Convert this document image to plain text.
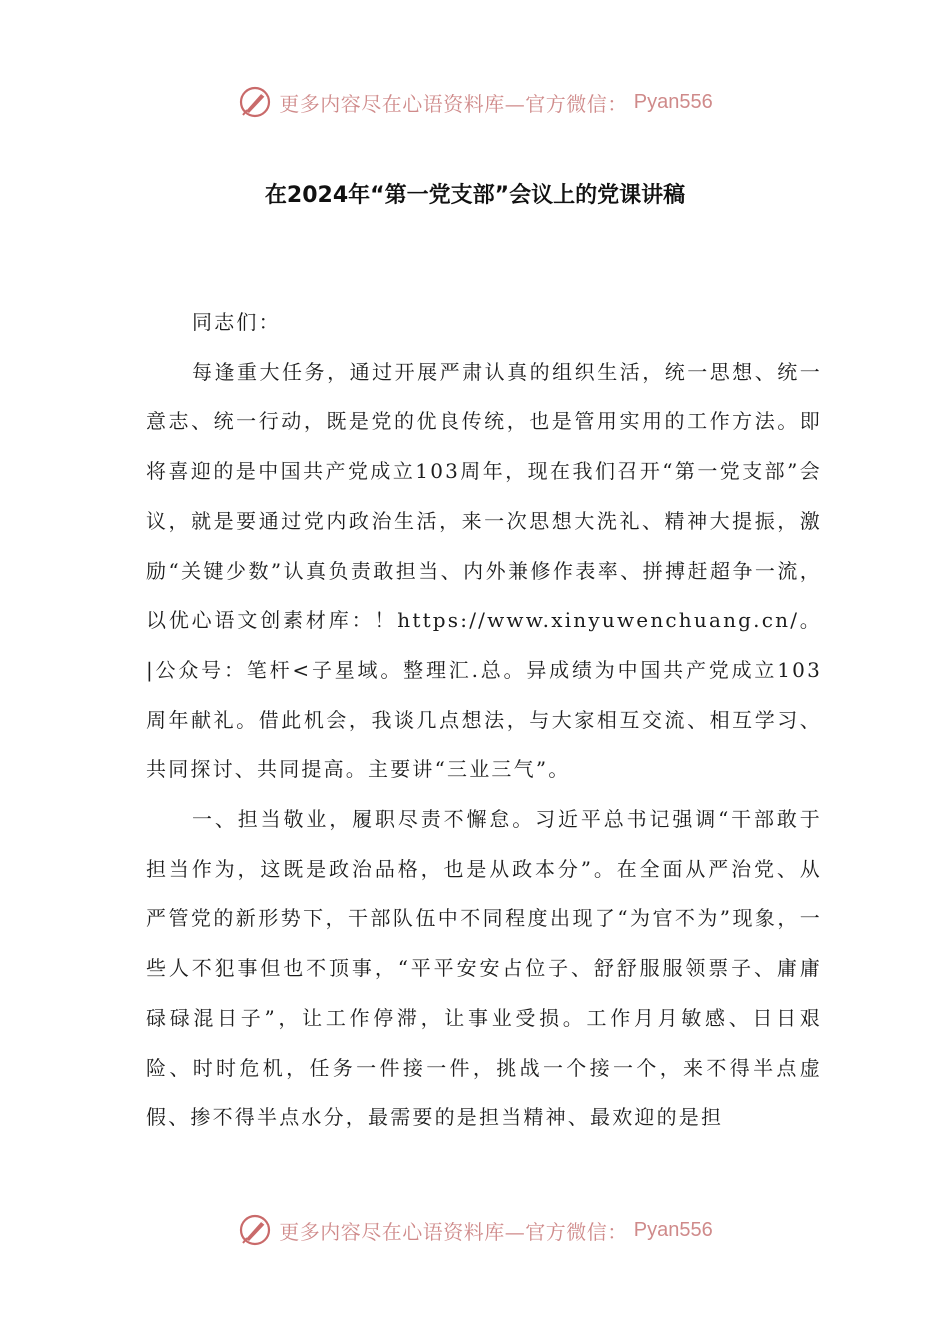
更多内容尽在心语资料库—官方微信： Pyan556
在2024年“第一党支部”会议上的党课讲稿

同志们：

每逢重大任务，通过开展严肃认真的组织生活，统一思想、统一意志、统一行动，既是党的优良传统，也是管用实用的工作方法。即将喜迎的是中国共产党成立103周年，现在我们召开“第一党支部”会议，就是要通过党内政治生活，来一次思想大洗礼、精神大提振，激励“关键少数”认真负责敢担当、内外兼修作表率、拼搏赶超争一流，以优心语文创素材库：！https://www.xinyuwenchuang.cn/。|公众号：笔杆<子星域。整理汇.总。异成绩为中国共产党成立103周年献礼。借此机会，我谈几点想法，与大家相互交流、相互学习、共同探讨、共同提高。主要讲“三业三气”。

一、担当敬业，履职尽责不懈怠。习近平总书记强调“干部敢于担当作为，这既是政治品格，也是从政本分”。在全面从严治党、从严管党的新形势下，干部队伍中不同程度出现了“为官不为”现象，一些人不犯事但也不顶事，“平平安安占位子、舒舒服服领票子、庸庸碌碌混日子”，让工作停滞，让事业受损。工作月月敏感、日日艰险、时时危机，任务一件接一件，挑战一个接一个，来不得半点虚假、掺不得半点水分，最需要的是担当精神、最欢迎的是担

更多内容尽在心语资料库—官方微信： Pyan556
